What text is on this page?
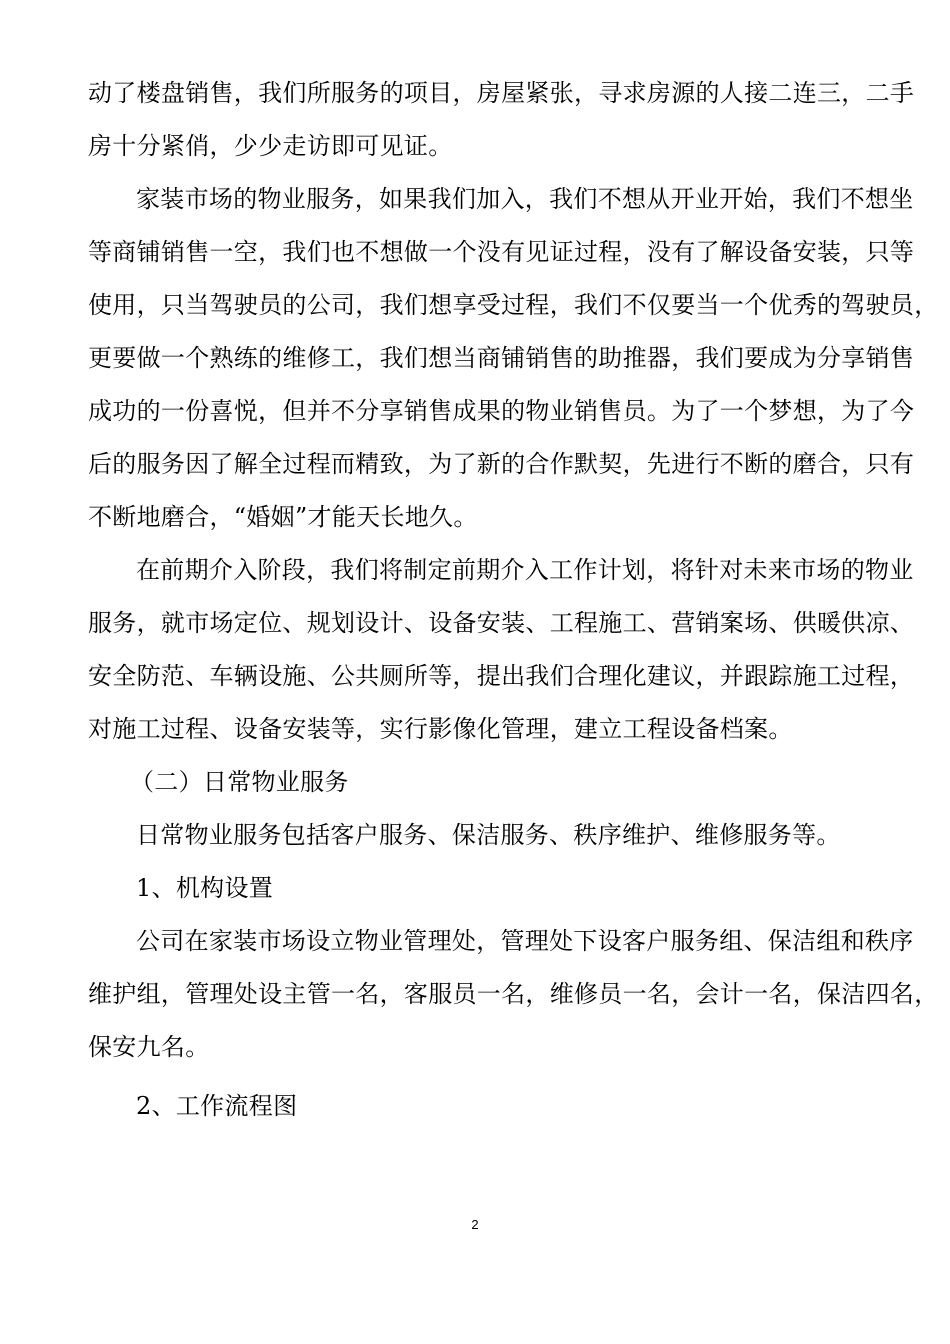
动了楼盘销售，我们所服务的项目，房屋紧张，寻求房源的人接二连三，二手
房十分紧俏，少少走访即可见证。
家装市场的物业服务，如果我们加入，我们不想从开业开始，我们不想坐
等商铺销售一空，我们也不想做一个没有见证过程，没有了解设备安装，只等
使用，只当驾驶员的公司，我们想享受过程，我们不仅要当一个优秀的驾驶员，
更要做一个熟练的维修工，我们想当商铺销售的助推器，我们要成为分享销售
成功的一份喜悦，但并不分享销售成果的物业销售员。为了一个梦想，为了今
后的服务因了解全过程而精致，为了新的合作默契，先进行不断的磨合，只有
不断地磨合，“婚姻”才能天长地久。
在前期介入阶段，我们将制定前期介入工作计划，将针对未来市场的物业
服务，就市场定位、规划设计、设备安装、工程施工、营销案场、供暖供凉、
安全防范、车辆设施、公共厕所等，提出我们合理化建议，并跟踪施工过程，
对施工过程、设备安装等，实行影像化管理，建立工程设备档案。
（二）日常物业服务
日常物业服务包括客户服务、保洁服务、秩序维护、维修服务等。
1、机构设置
公司在家装市场设立物业管理处，管理处下设客户服务组、保洁组和秩序
维护组，管理处设主管一名，客服员一名，维修员一名，会计一名，保洁四名，
保安九名。
2、工作流程图
2
